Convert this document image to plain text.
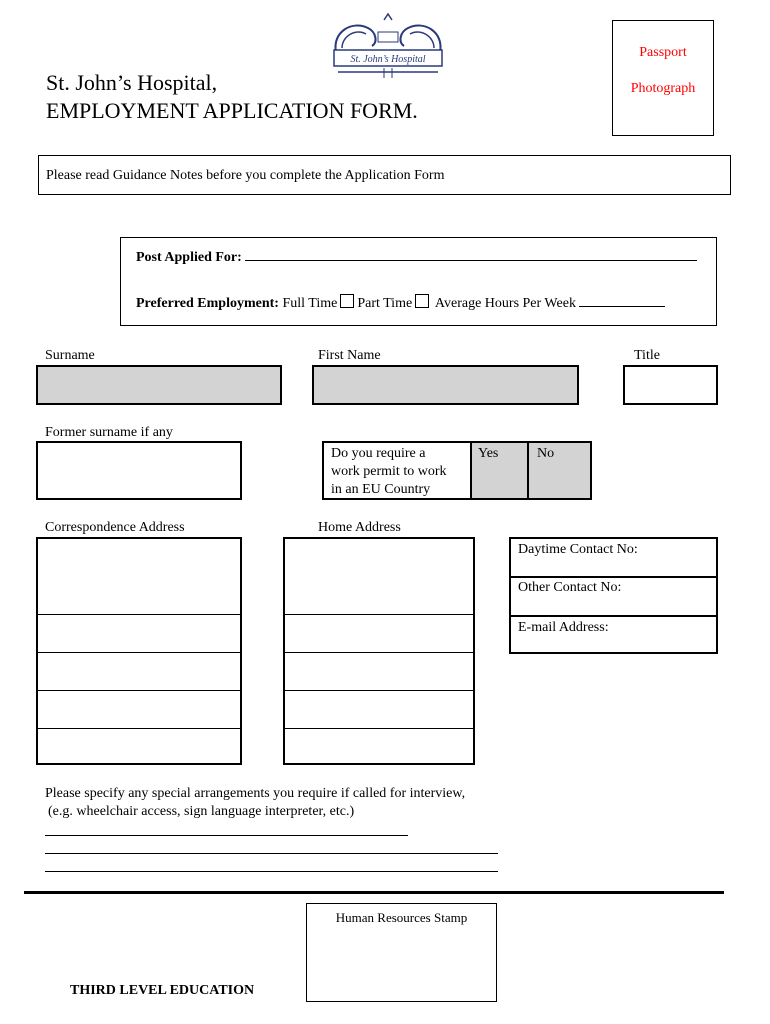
St. John’s Hospital
St. John’s Hospital,
EMPLOYMENT APPLICATION FORM.
Passport
Photograph
Please read Guidance Notes before you complete the Application Form
Post Applied For:
Preferred Employment: Full Time Part Time Average Hours Per Week
Surname	First Name	Title
Former surname if any
Do you require a
work permit to work
in an EU Country
Yes	No
Correspondence Address	Home Address
Daytime Contact No:
Other Contact No:
E-mail Address:
Please specify any special arrangements you require if called for interview,
(e.g. wheelchair access, sign language interpreter, etc.)
Human Resources Stamp
THIRD LEVEL EDUCATION
